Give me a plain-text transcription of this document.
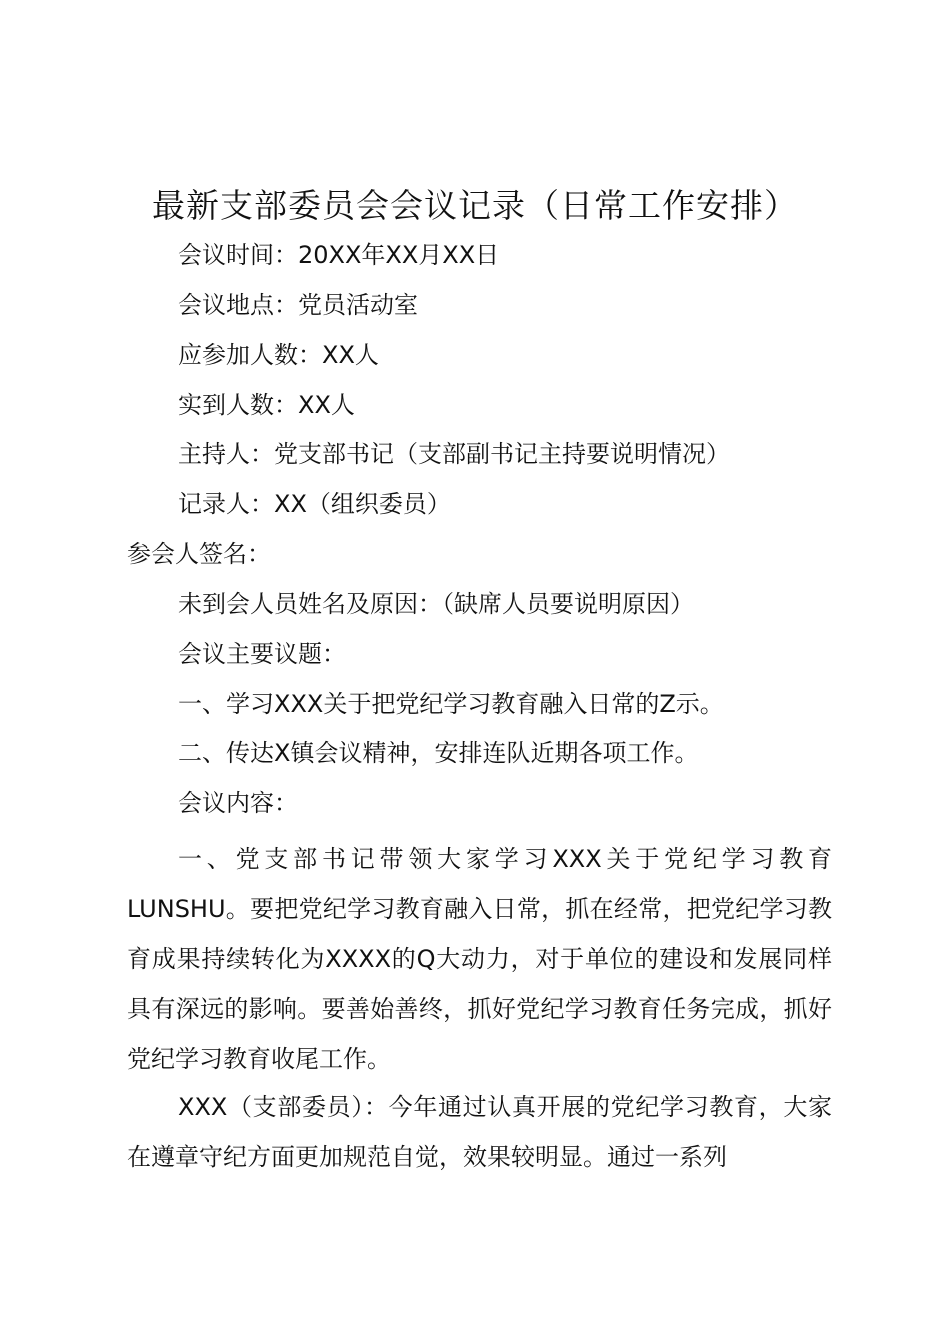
最新支部委员会会议记录（日常工作安排）
会议时间：20XX年XX月XX日
会议地点：党员活动室
应参加人数：XX人
实到人数：XX人
主持人：党支部书记（支部副书记主持要说明情况）
记录人：XX（组织委员）
参会人签名：
未到会人员姓名及原因：（缺席人员要说明原因）
会议主要议题：
一、学习XXX关于把党纪学习教育融入日常的Z示。
二、传达X镇会议精神，安排连队近期各项工作。
会议内容：
一、党支部书记带领大家学习XXX关于党纪学习教育LUNSHU。要把党纪学习教育融入日常，抓在经常，把党纪学习教育成果持续转化为XXXX的Q大动力，对于单位的建设和发展同样具有深远的影响。要善始善终，抓好党纪学习教育任务完成，抓好党纪学习教育收尾工作。
XXX（支部委员）：今年通过认真开展的党纪学习教育，大家在遵章守纪方面更加规范自觉，效果较明显。通过一系列
